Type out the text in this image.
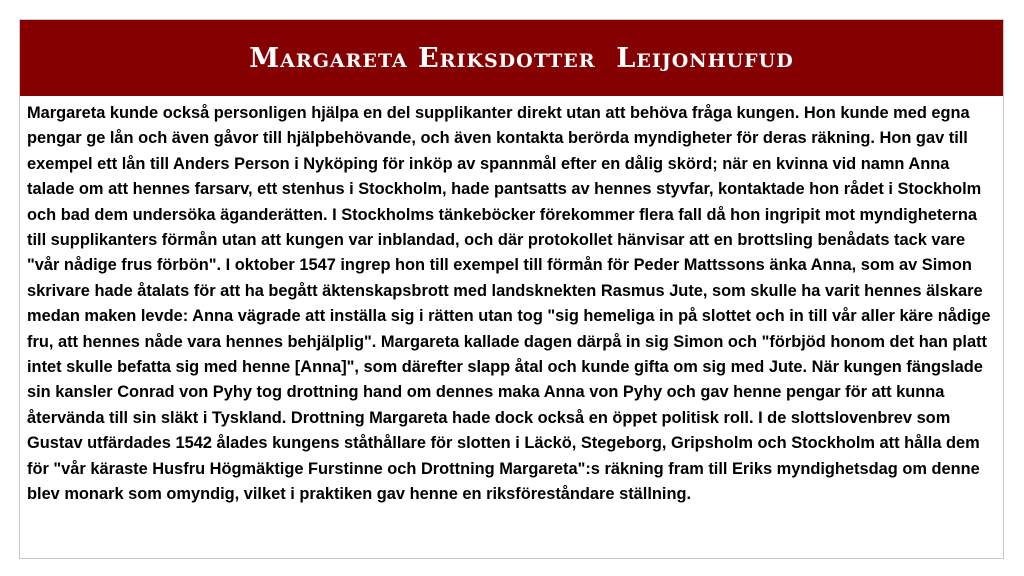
Margareta Eriksdotter  Leijonhufud

Margareta kunde också personligen hjälpa en del supplikanter direkt utan att behöva fråga kungen. Hon kunde med egna pengar ge lån och även gåvor till hjälpbehövande, och även kontakta berörda myndigheter för deras räkning. Hon gav till exempel ett lån till Anders Person i Nyköping för inköp av spannmål efter en dålig skörd; när en kvinna vid namn Anna talade om att hennes farsarv, ett stenhus i Stockholm, hade pantsatts av hennes styvfar, kontaktade hon rådet i Stockholm och bad dem undersöka äganderätten. I Stockholms tänkeböcker förekommer flera fall då hon ingripit mot myndigheterna till supplikanters förmån utan att kungen var inblandad, och där protokollet hänvisar att en brottsling benådats tack vare "vår nådige frus förbön". I oktober 1547 ingrep hon till exempel till förmån för Peder Mattssons änka Anna, som av Simon skrivare hade åtalats för att ha begått äktenskapsbrott med landsknekten Rasmus Jute, som skulle ha varit hennes älskare medan maken levde: Anna vägrade att inställa sig i rätten utan tog "sig hemeliga in på slottet och in till vår aller käre nådige fru, att hennes nåde vara hennes behjälplig". Margareta kallade dagen därpå in sig Simon och "förbjöd honom det han platt intet skulle befatta sig med henne [Anna]", som därefter slapp åtal och kunde gifta om sig med Jute. När kungen fängslade sin kansler Conrad von Pyhy tog drottning hand om dennes maka Anna von Pyhy och gav henne pengar för att kunna återvända till sin släkt i Tyskland. Drottning Margareta hade dock också en öppet politisk roll. I de slottslovenbrev som Gustav utfärdades 1542 ålades kungens ståthållare för slotten i Läckö, Stegeborg, Gripsholm och Stockholm att hålla dem för "vår käraste Husfru Högmäktige Furstinne och Drottning Margareta":s räkning fram till Eriks myndighetsdag om denne blev monark som omyndig, vilket i praktiken gav henne en riksföreståndare ställning.
